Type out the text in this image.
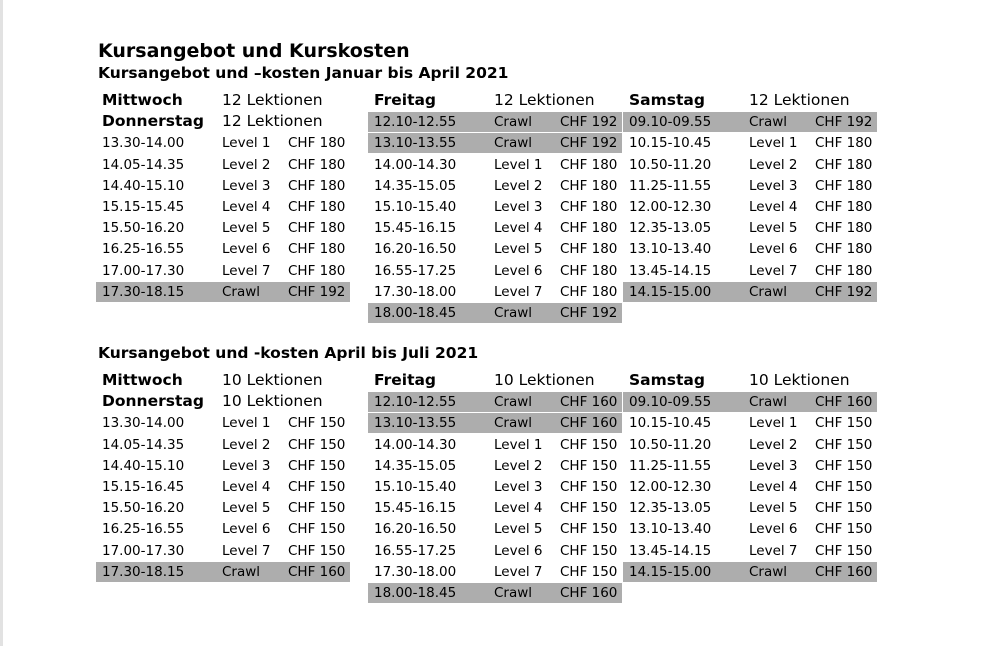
Kursangebot und Kurskosten
Kursangebot und –kosten Januar bis April 2021
Mittwoch	12 Lektionen
Donnerstag 12 Lektionen
13.30-14.00	Level 1 CHF 180
14.05-14.35	Level 2 CHF 180
14.40-15.10	Level 3 CHF 180
15.15-15.45	Level 4 CHF 180
15.50-16.20	Level 5 CHF 180
16.25-16.55	Level 6 CHF 180
17.00-17.30	Level 7 CHF 180
17.30-18.15	Crawl CHF 192
Freitag	12 Lektionen
12.10-12.55	Crawl CHF 192
13.10-13.55	Crawl CHF 192
14.00-14.30	Level 1 CHF 180
14.35-15.05	Level 2 CHF 180
15.10-15.40	Level 3 CHF 180
15.45-16.15	Level 4 CHF 180
16.20-16.50	Level 5 CHF 180
16.55-17.25	Level 6 CHF 180
17.30-18.00	Level 7 CHF 180
18.00-18.45	Crawl CHF 192
Samstag	12 Lektionen
09.10-09.55	Crawl CHF 192
10.15-10.45	Level 1 CHF 180
10.50-11.20	Level 2 CHF 180
11.25-11.55	Level 3 CHF 180
12.00-12.30	Level 4 CHF 180
12.35-13.05	Level 5 CHF 180
13.10-13.40	Level 6 CHF 180
13.45-14.15	Level 7 CHF 180
14.15-15.00	Crawl CHF 192
Kursangebot und -kosten April bis Juli 2021
Mittwoch	10 Lektionen
Donnerstag 10 Lektionen
13.30-14.00	Level 1 CHF 150
14.05-14.35	Level 2 CHF 150
14.40-15.10	Level 3 CHF 150
15.15-16.45	Level 4 CHF 150
15.50-16.20	Level 5 CHF 150
16.25-16.55	Level 6 CHF 150
17.00-17.30	Level 7 CHF 150
17.30-18.15	Crawl CHF 160
Freitag	10 Lektionen
12.10-12.55	Crawl CHF 160
13.10-13.55	Crawl CHF 160
14.00-14.30	Level 1 CHF 150
14.35-15.05	Level 2 CHF 150
15.10-15.40	Level 3 CHF 150
15.45-16.15	Level 4 CHF 150
16.20-16.50	Level 5 CHF 150
16.55-17.25	Level 6 CHF 150
17.30-18.00	Level 7 CHF 150
18.00-18.45	Crawl CHF 160
Samstag	10 Lektionen
09.10-09.55	Crawl CHF 160
10.15-10.45	Level 1 CHF 150
10.50-11.20	Level 2 CHF 150
11.25-11.55	Level 3 CHF 150
12.00-12.30	Level 4 CHF 150
12.35-13.05	Level 5 CHF 150
13.10-13.40	Level 6 CHF 150
13.45-14.15	Level 7 CHF 150
14.15-15.00	Crawl CHF 160
